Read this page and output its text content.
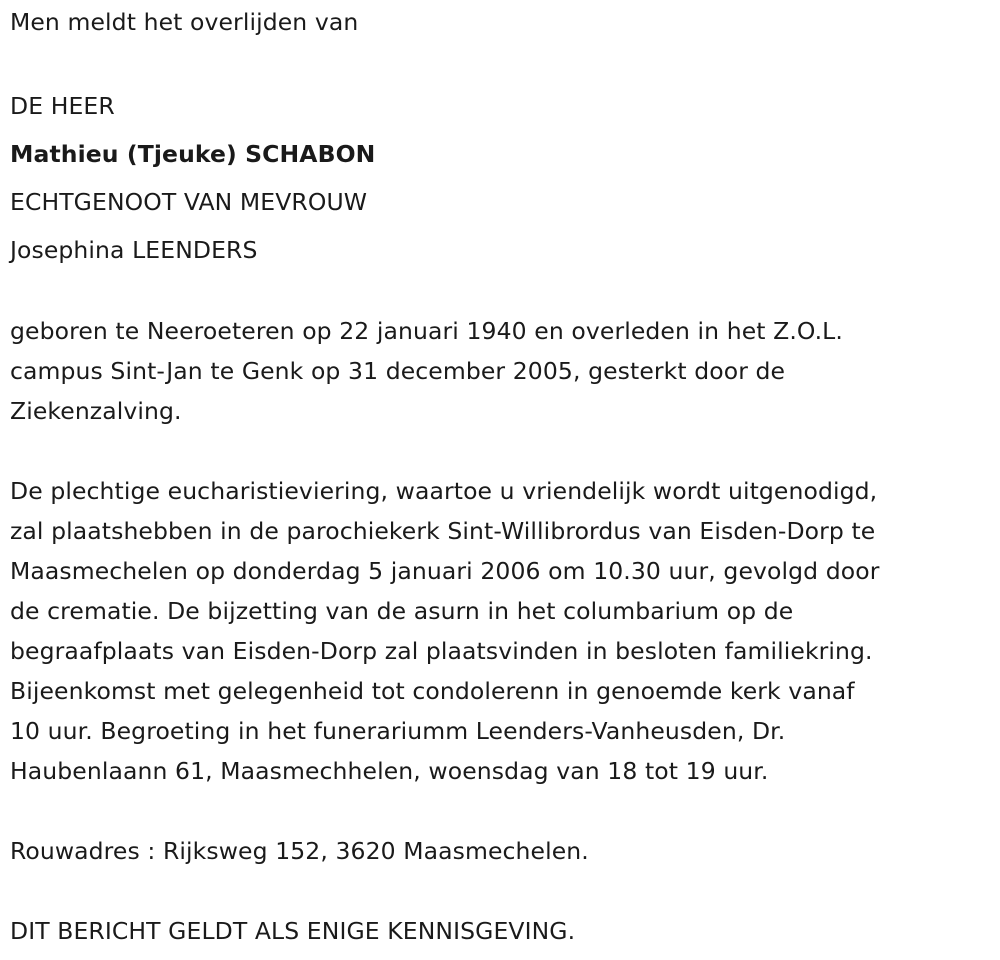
Men meldt het overlijden van

DE HEER

Mathieu (Tjeuke) SCHABON

ECHTGENOOT VAN MEVROUW

Josephina LEENDERS

geboren te Neeroeteren op 22 januari 1940 en overleden in het Z.O.L.

campus Sint-Jan te Genk op 31 december 2005, gesterkt door de

Ziekenzalving.

De plechtige eucharistieviering, waartoe u vriendelijk wordt uitgenodigd,

zal plaatshebben in de parochiekerk Sint-Willibrordus van Eisden-Dorp te

Maasmechelen op donderdag 5 januari 2006 om 10.30 uur, gevolgd door

de crematie. De bijzetting van de asurn in het columbarium op de

begraafplaats van Eisden-Dorp zal plaatsvinden in besloten familiekring.

Bijeenkomst met gelegenheid tot condolerenn in genoemde kerk vanaf

10 uur. Begroeting in het funerariumm Leenders-Vanheusden, Dr.

Haubenlaann 61, Maasmechhelen, woensdag van 18 tot 19 uur.

Rouwadres : Rijksweg 152, 3620 Maasmechelen.

DIT BERICHT GELDT ALS ENIGE KENNISGEVING.
